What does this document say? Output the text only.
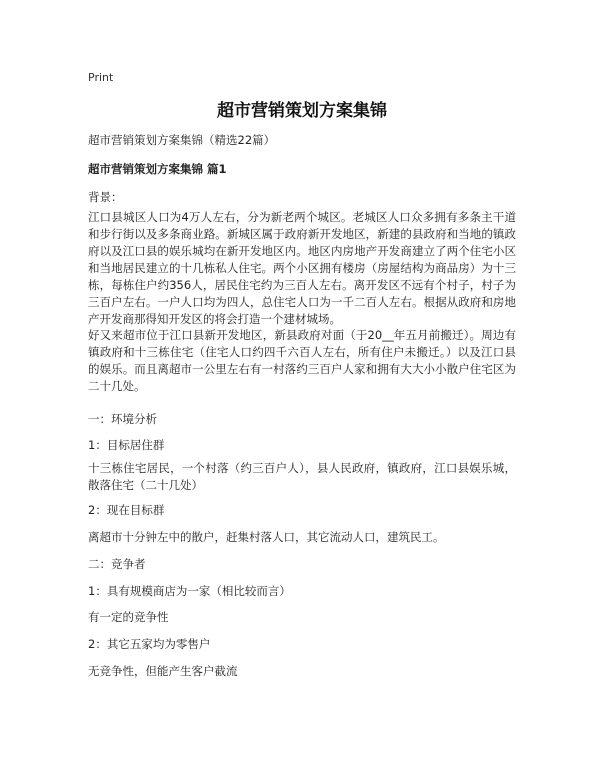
Print
超市营销策划方案集锦

超市营销策划方案集锦（精选22篇）

超市营销策划方案集锦 篇1

背景：

江口县城区人口为4万人左右，分为新老两个城区。老城区人口众多拥有多条主干道和步行街以及多条商业路。新城区属于政府新开发地区，新建的县政府和当地的镇政府以及江口县的娱乐城均在新开发地区内。地区内房地产开发商建立了两个住宅小区和当地居民建立的十几栋私人住宅。两个小区拥有楼房（房屋结构为商品房）为十三栋，每栋住户约356人，居民住宅约为三百人左右。离开发区不远有个村子，村子为三百户左右。一户人口均为四人，总住宅人口为一千二百人左右。根据从政府和房地产开发商那得知开发区的将会打造一个建材城场。

好又来超市位于江口县新开发地区，新县政府对面（于20__年五月前搬迁）。周边有镇政府和十三栋住宅（住宅人口约四千六百人左右，所有住户未搬迁。）以及江口县的娱乐。而且离超市一公里左右有一村落约三百户人家和拥有大大小小散户住宅区为二十几处。

一：环境分析

1：目标居住群

十三栋住宅居民，一个村落（约三百户人），县人民政府，镇政府，江口县娱乐城，散落住宅（二十几处）

2：现在目标群

离超市十分钟左中的散户，赶集村落人口，其它流动人口，建筑民工。

二：竞争者

1：具有规模商店为一家（相比较而言）

有一定的竞争性

2：其它五家均为零售户

无竞争性，但能产生客户截流
